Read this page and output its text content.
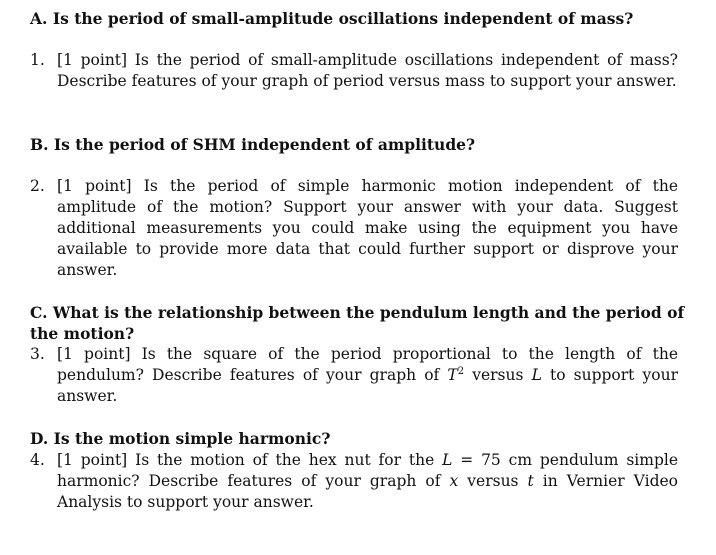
A. Is the period of small-amplitude oscillations independent of mass?
1. [1 point] Is the period of small-amplitude oscillations independent of mass? Describe features of your graph of period versus mass to support your answer.
B. Is the period of SHM independent of amplitude?
2. [1 point] Is the period of simple harmonic motion independent of the amplitude of the motion? Support your answer with your data. Suggest additional measurements you could make using the equipment you have available to provide more data that could further support or disprove your answer.
C. What is the relationship between the pendulum length and the period of the motion?
3. [1 point] Is the square of the period proportional to the length of the pendulum? Describe features of your graph of $T^2$ versus L to support your answer.
D. Is the motion simple harmonic?
4. [1 point] Is the motion of the hex nut for the L = 75 cm pendulum simple harmonic? Describe features of your graph of x versus t in Vernier Video Analysis to support your answer.
